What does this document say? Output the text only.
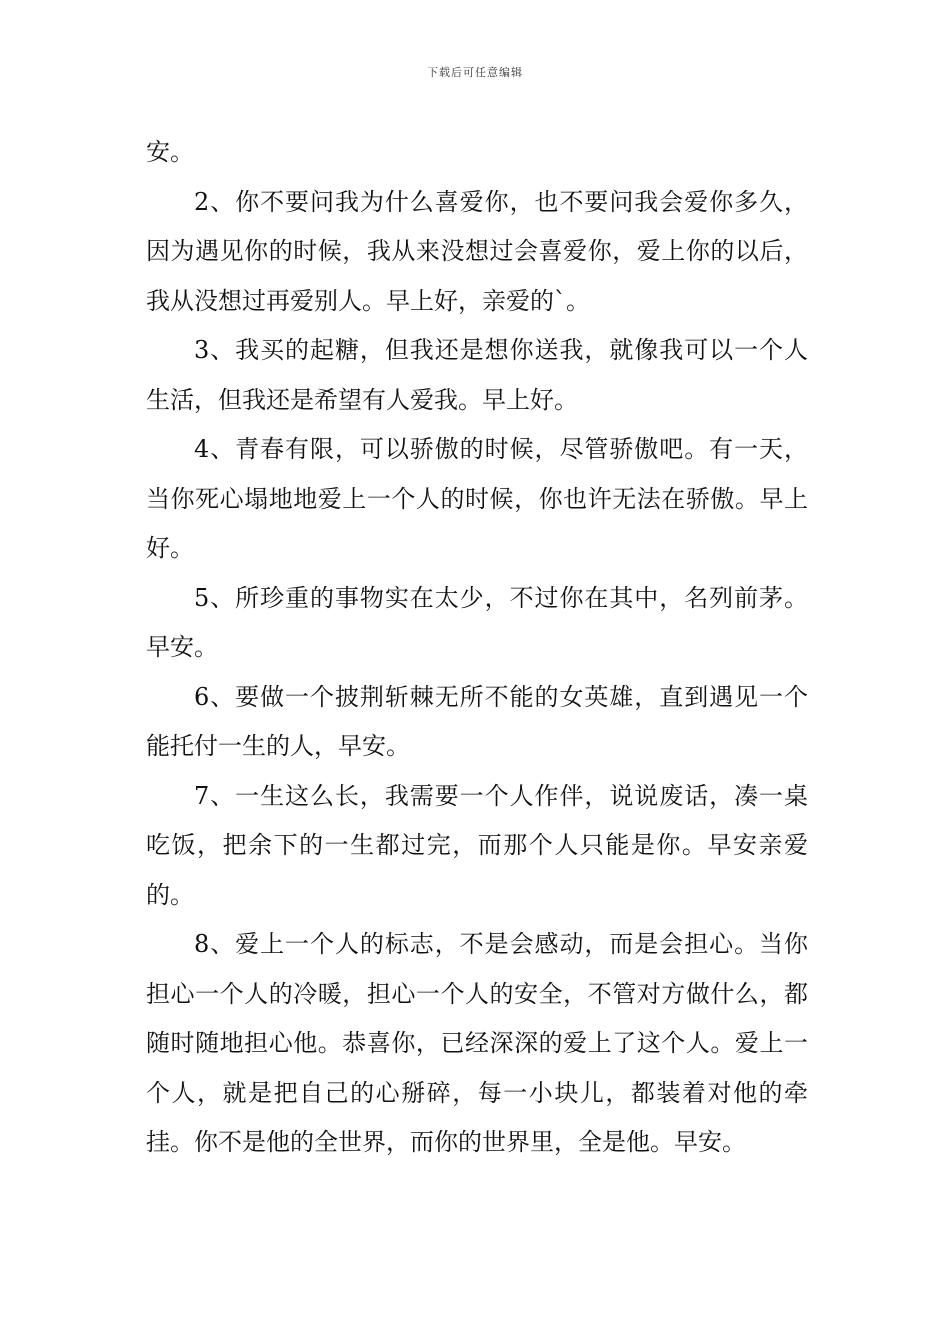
下载后可任意编辑

安。

2、你不要问我为什么喜爱你，也不要问我会爱你多久，因为遇见你的时候，我从来没想过会喜爱你，爱上你的以后，我从没想过再爱别人。早上好，亲爱的`。

3、我买的起糖，但我还是想你送我，就像我可以一个人生活，但我还是希望有人爱我。早上好。

4、青春有限，可以骄傲的时候，尽管骄傲吧。有一天，当你死心塌地地爱上一个人的时候，你也许无法在骄傲。早上好。

5、所珍重的事物实在太少，不过你在其中，名列前茅。早安。

6、要做一个披荆斩棘无所不能的女英雄，直到遇见一个能托付一生的人，早安。

7、一生这么长，我需要一个人作伴，说说废话，凑一桌吃饭，把余下的一生都过完，而那个人只能是你。早安亲爱的。

8、爱上一个人的标志，不是会感动，而是会担心。当你担心一个人的冷暖，担心一个人的安全，不管对方做什么，都随时随地担心他。恭喜你，已经深深的爱上了这个人。爱上一个人，就是把自己的心掰碎，每一小块儿，都装着对他的牵挂。你不是他的全世界，而你的世界里，全是他。早安。
